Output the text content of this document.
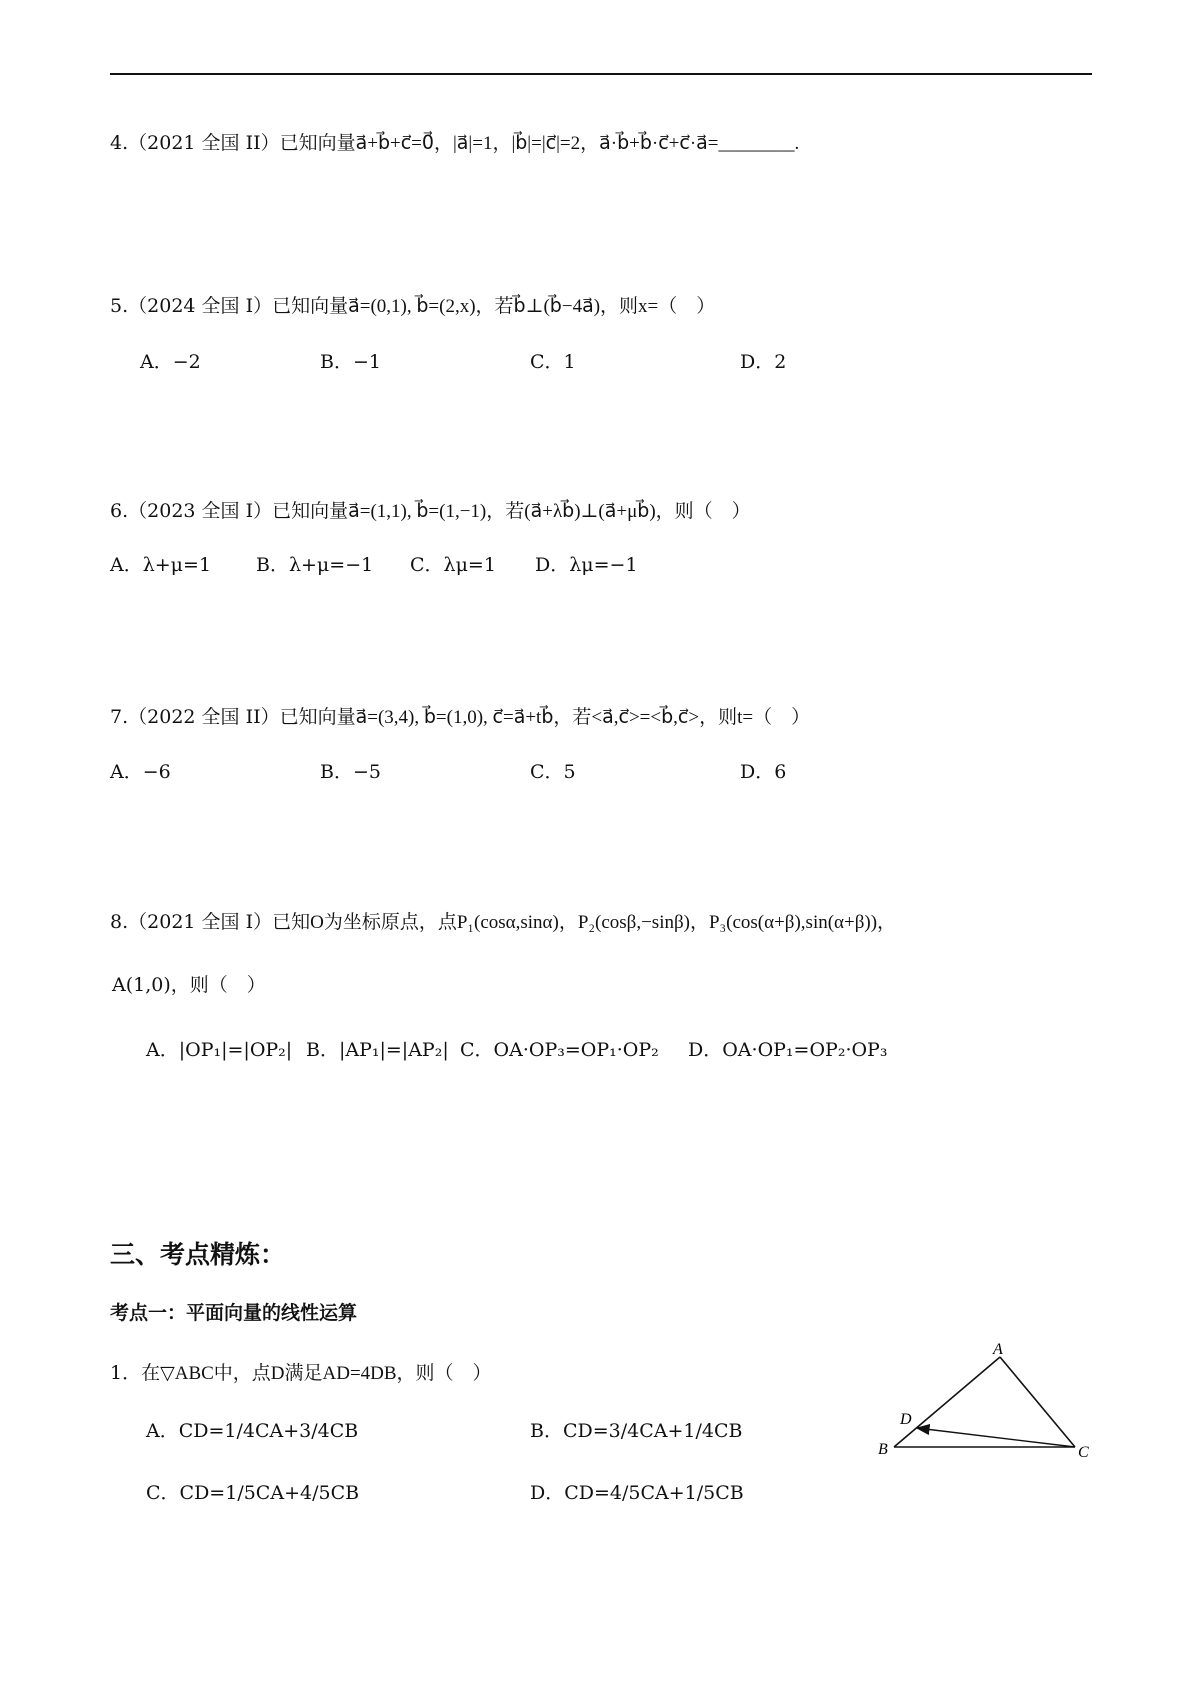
4.（2021 全国 II）已知向量a⃗+b⃗+c⃗=0⃗，|a⃗|=1，|b⃗|=|c⃗|=2，a⃗·b⃗+b⃗·c⃗+c⃗·a⃗=________.
5.（2024 全国 I）已知向量a⃗=(0,1), b⃗=(2,x)，若b⃗⊥(b⃗−4a⃗)，则x=（　）
A．−2	B．−1	C．1	D．2
6.（2023 全国 I）已知向量a⃗=(1,1), b⃗=(1,−1)，若(a⃗+λb⃗)⊥(a⃗+μb⃗)，则（　）
A．λ+μ=1 B．λ+μ=−1 C．λμ=1 D．λμ=−1
7.（2022 全国 II）已知向量a⃗=(3,4), b⃗=(1,0), c⃗=a⃗+tb⃗，若<a⃗,c⃗>=<b⃗,c⃗>，则t=（　）
A．−6	B．−5	C．5	D．6
8.（2021 全国 I）已知O为坐标原点，点P₁(cosα,sinα)，P₂(cosβ,−sinβ)，P₃(cos(α+β),sin(α+β))，
A(1,0)，则（　）
A．|OP₁|=|OP₂| B．|AP₁|=|AP₂| C．OA·OP₃=OP₁·OP₂ D．OA·OP₁=OP₂·OP₃
三、考点精炼：
考点一：平面向量的线性运算
1．在▽ABC中，点D满足AD=4DB，则（　）
A．CD=1/4CA+3/4CB	B．CD=3/4CA+1/4CB
C．CD=1/5CA+4/5CB	D．CD=4/5CA+1/5CB
A
B	C
D
